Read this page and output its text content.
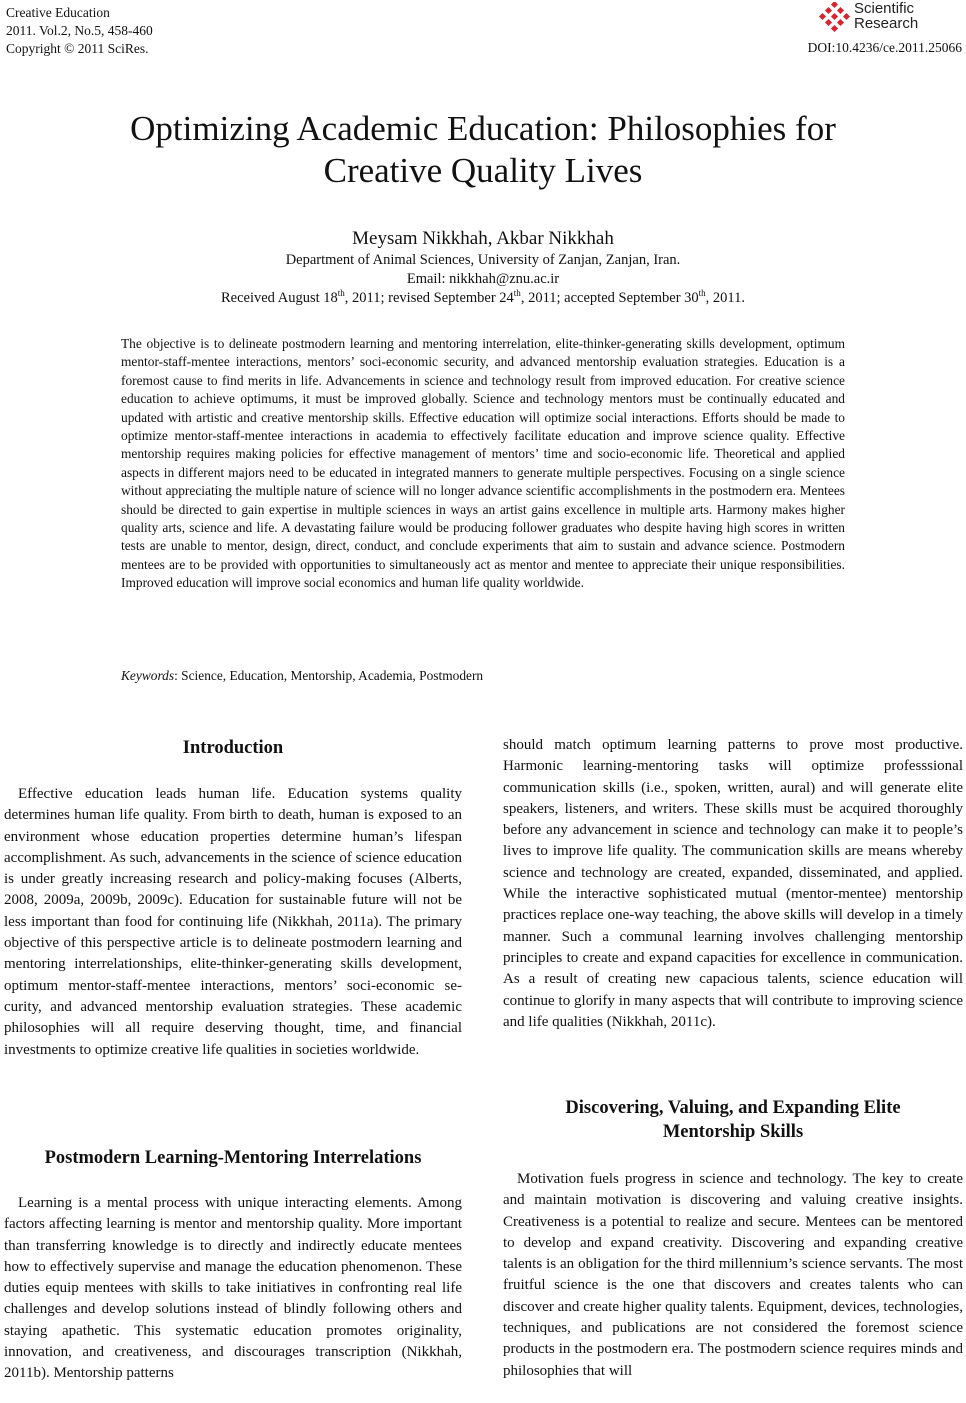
Creative Education
2011. Vol.2, No.5, 458-460
Copyright © 2011 SciRes.
Scientific
Research
DOI:10.4236/ce.2011.25066
Optimizing Academic Education: Philosophies for
Creative Quality Lives
Meysam Nikkhah, Akbar Nikkhah
Department of Animal Sciences, University of Zanjan, Zanjan, Iran.
Email: nikkhah@znu.ac.ir
Received August 18th, 2011; revised September 24th, 2011; accepted September 30th, 2011.
The objective is to delineate postmodern learning and mentoring interrelation, elite-thinker-generating skills development, optimum mentor-staff-mentee interactions, mentors’ soci-economic security, and advanced mentorship evaluation strategies. Education is a foremost cause to find merits in life. Advancements in science and technology result from improved education. For creative science education to achieve optimums, it must be improved globally. Science and technology mentors must be continually educated and updated with artistic and creative mentorship skills. Effective education will optimize social interactions. Efforts should be made to optimize mentor-staff-mentee interactions in academia to effectively facilitate education and improve science quality. Effective mentorship requires making policies for effective management of mentors’ time and socio-economic life. Theoretical and applied aspects in different majors need to be educated in integrated manners to generate multiple perspectives. Focusing on a single science without appreciating the multiple nature of science will no longer advance scientific accomplishments in the postmodern era. Mentees should be directed to gain expertise in multiple sciences in ways an artist gains excellence in multiple arts. Harmony makes higher quality arts, science and life. A devastating failure would be producing follower graduates who despite having high scores in written tests are unable to mentor, design, direct, conduct, and conclude experiments that aim to sustain and advance science. Postmodern mentees are to be provided with opportunities to simultaneously act as mentor and mentee to appreciate their unique responsibilities. Improved education will improve social economics and human life quality worldwide.
Keywords: Science, Education, Mentorship, Academia, Postmodern
Introduction
Effective education leads human life. Education systems quality determines human life quality. From birth to death, human is exposed to an environment whose education properties determine human’s lifespan accomplishment. As such, advancements in the science of science education is under greatly increasing research and policy-making focuses (Alberts, 2008, 2009a, 2009b, 2009c). Education for sustainable future will not be less important than food for continuing life (Nikkhah, 2011a). The primary objective of this perspective article is to delineate postmodern learning and mentoring interrelationships, elite-thinker-generating skills development, optimum mentor-staff-mentee interactions, mentors’ soci-economic security, and advanced mentorship evaluation strategies. These academic philosophies will all require deserving thought, time, and financial investments to optimize creative life qualities in societies worldwide.
Postmodern Learning-Mentoring Interrelations
Learning is a mental process with unique interacting elements. Among factors affecting learning is mentor and mentorship quality. More important than transferring knowledge is to directly and indirectly educate mentees how to effectively supervise and manage the education phenomenon. These duties equip mentees with skills to take initiatives in confronting real life challenges and develop solutions instead of blindly following others and staying apathetic. This systematic education promotes originality, innovation, and creativeness, and discourages transcription (Nikkhah, 2011b). Mentorship patterns
should match optimum learning patterns to prove most productive. Harmonic learning-mentoring tasks will optimize professsional communication skills (i.e., spoken, written, aural) and will generate elite speakers, listeners, and writers. These skills must be acquired thoroughly before any advancement in science and technology can make it to people’s lives to improve life quality. The communication skills are means whereby science and technology are created, expanded, disseminated, and applied. While the interactive sophisticated mutual (mentor-mentee) mentorship practices replace one-way teaching, the above skills will develop in a timely manner. Such a communal learning involves challenging mentorship principles to create and expand capacities for excellence in communication. As a result of creating new capacious talents, science education will continue to glorify in many aspects that will contribute to improving science and life qualities (Nikkhah, 2011c).
Discovering, Valuing, and Expanding Elite
Mentorship Skills
Motivation fuels progress in science and technology. The key to create and maintain motivation is discovering and valuing creative insights. Creativeness is a potential to realize and secure. Mentees can be mentored to develop and expand creativity. Discovering and expanding creative talents is an obligation for the third millennium’s science servants. The most fruitful science is the one that discovers and creates talents who can discover and create higher quality talents. Equipment, devices, technologies, techniques, and publications are not considered the foremost science products in the postmodern era. The postmodern science requires minds and philosophies that will
